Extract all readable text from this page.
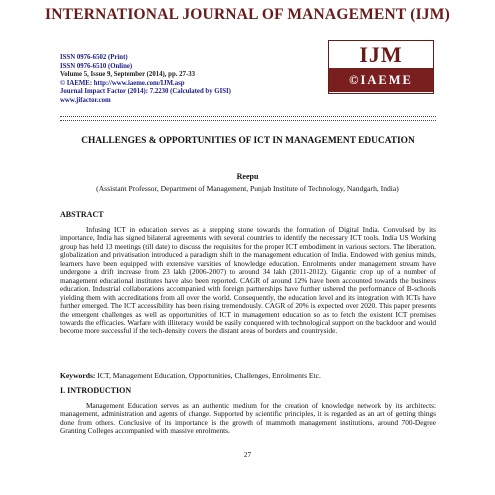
INTERNATIONAL JOURNAL OF MANAGEMENT (IJM)
ISSN 0976-6502 (Print)
ISSN 0976-6510 (Online)
Volume 5, Issue 9, September (2014), pp. 27-33
© IAEME: http://www.iaeme.com/IJM.asp
Journal Impact Factor (2014): 7.2230 (Calculated by GISI)
www.jifactor.com
IJM
©IAEME
CHALLENGES & OPPORTUNITIES OF ICT IN MANAGEMENT EDUCATION
Reepu
(Assistant Professor, Department of Management, Punjab Institute of Technology, Nandgarh, India)
ABSTRACT
Infusing ICT in education serves as a stepping stone towards the formation of Digital India. Convulsed by its importance, India has signed bilateral agreements with several countries to identify the necessary ICT tools. India US Working group has held 13 meetings (till date) to discuss the requisites for the proper ICT embodiment in various sectors. The liberation, globalization and privatisation introduced a paradigm shift in the management education of India. Endowed with genius minds, learners have been equipped with extensive varsities of knowledge education. Enrolments under management stream have undergone a drift increase from 23 lakh (2006-2007) to around 34 lakh (2011-2012). Gigantic crop up of a number of management educational institutes have also been reported. CAGR of around 12% have been accounted towards the business education. Industrial collaborations accompanied with foreign partnerships have further ushered the performance of B-schools yielding them with accreditations from all over the world. Consequently, the education level and its integration with ICTs have further emerged. The ICT accessibility has been rising tremendously. CAGR of 20% is expected over 2020. This paper presents the emergent challenges as well as opportunities of ICT in management education so as to fetch the existent ICT premises towards the efficacies. Warfare with illiteracy would be easily conquered with technological support on the backdoor and would become more successful if the tech-density covers the distant areas of borders and countryside.
Keywords: ICT, Management Education, Opportunities, Challenges, Enrolments Etc.
I. INTRODUCTION
Management Education serves as an authentic medium for the creation of knowledge network by its architects: management, administration and agents of change. Supported by scientific principles, it is regarded as an art of getting things done from others. Conclusive of its importance is the growth of mammoth management institutions, around 700-Degree Granting Colleges accompanied with massive enrolments.
27
